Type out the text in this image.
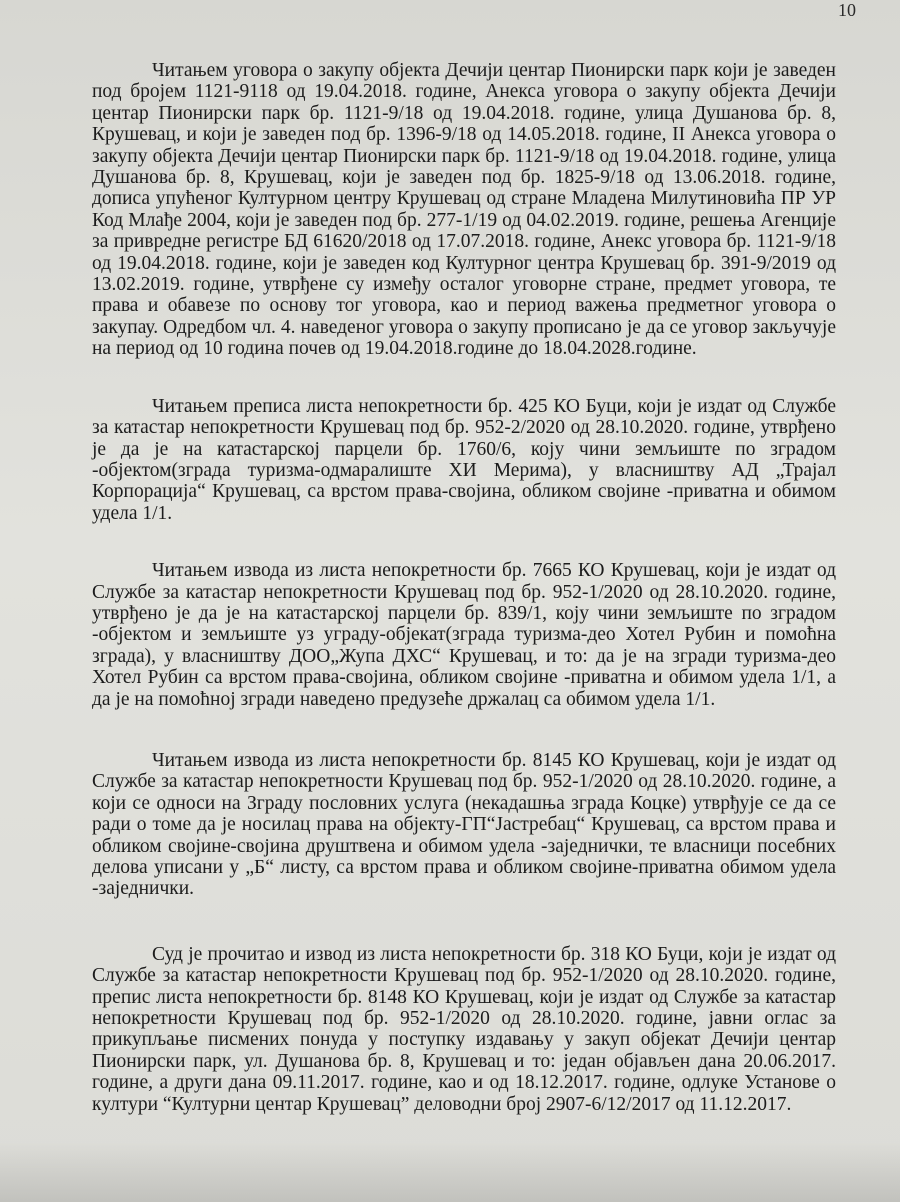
10

Читањем уговора о закупу објекта Дечији центар Пионирски парк који је заведен под бројем 1121-9118 од 19.04.2018. године, Анекса уговора о закупу објекта Дечији центар Пионирски парк бр. 1121-9/18 од 19.04.2018. године, улица Душанова бр. 8, Крушевац, и који је заведен под бр. 1396-9/18 од 14.05.2018. године, II Анекса уговора о закупу објекта Дечији центар Пионирски парк бр. 1121-9/18 од 19.04.2018. године, улица Душанова бр. 8, Крушевац, који је заведен под бр. 1825-9/18 од 13.06.2018. године, дописа упућеног Културном центру Крушевац од стране Младена Милутиновића ПР УР Код Млађе 2004, који је заведен под бр. 277-1/19 од 04.02.2019. године, решења Агенције за привредне регистре БД 61620/2018 од 17.07.2018. године, Анекс уговора бр. 1121-9/18 од 19.04.2018. године, који је заведен код Културног центра Крушевац бр. 391-9/2019 од 13.02.2019. године, утврђене су између осталог уговорне стране, предмет уговора, те права и обавезе по основу тог уговора, као и период важења предметног уговора о закупау. Одредбом чл. 4. наведеног уговора о закупу прописано је да се уговор закључује на период од 10 година почев од 19.04.2018.године до 18.04.2028.године.

Читањем преписа листа непокретности бр. 425 КО Буци, који је издат од Службе за катастар непокретности Крушевац под бр. 952-2/2020 од 28.10.2020. године, утврђено је да је на катастарској парцели бр. 1760/6, коју чини земљиште по зградом -објектом(зграда туризма-одмаралиште ХИ Мерима), у власништву АД „Трајал Корпорација“ Крушевац, са врстом права-својина, обликом својине -приватна и обимом удела 1/1.

Читањем извода из листа непокретности бр. 7665 КО Крушевац, који је издат од Службе за катастар непокретности Крушевац под бр. 952-1/2020 од 28.10.2020. године, утврђено је да је на катастарској парцели бр. 839/1, коју чини земљиште по зградом -објектом и земљиште уз уграду-објекат(зграда туризма-део Хотел Рубин и помоћна зграда), у власништву ДОО„Жупа ДХС“ Крушевац, и то: да је на згради туризма-део Хотел Рубин са врстом права-својина, обликом својине -приватна и обимом удела 1/1, а да је на помоћној згради наведено предузеће држалац са обимом удела 1/1.

Читањем извода из листа непокретности бр. 8145 КО Крушевац, који је издат од Службе за катастар непокретности Крушевац под бр. 952-1/2020 од 28.10.2020. године, а који се односи на Зграду пословних услуга (некадашња зграда Коцке) утврђује се да се ради о томе да је носилац права на објекту-ГП“Јастребац“ Крушевац, са врстом права и обликом својине-својина друштвена и обимом удела -заједнички, те власници посебних делова уписани у „Б“ листу, са врстом права и обликом својине-приватна обимом удела -заједнички.

Суд је прочитао и извод из листа непокретности бр. 318 КО Буци, који је издат од Службе за катастар непокретности Крушевац под бр. 952-1/2020 од 28.10.2020. године, препис листа непокретности бр. 8148 КО Крушевац, који је издат од Службе за катастар непокретности Крушевац под бр. 952-1/2020 од 28.10.2020. године, јавни оглас за прикупљање писмених понуда у поступку издавању у закуп објекат Дечији центар Пионирски парк, ул. Душанова бр. 8, Крушевац и то: један објављен дана 20.06.2017. године, а други дана 09.11.2017. године, као и од 18.12.2017. године, одлуке Установе о култури “Културни центар Крушевац” деловодни број 2907-6/12/2017 од 11.12.2017.
